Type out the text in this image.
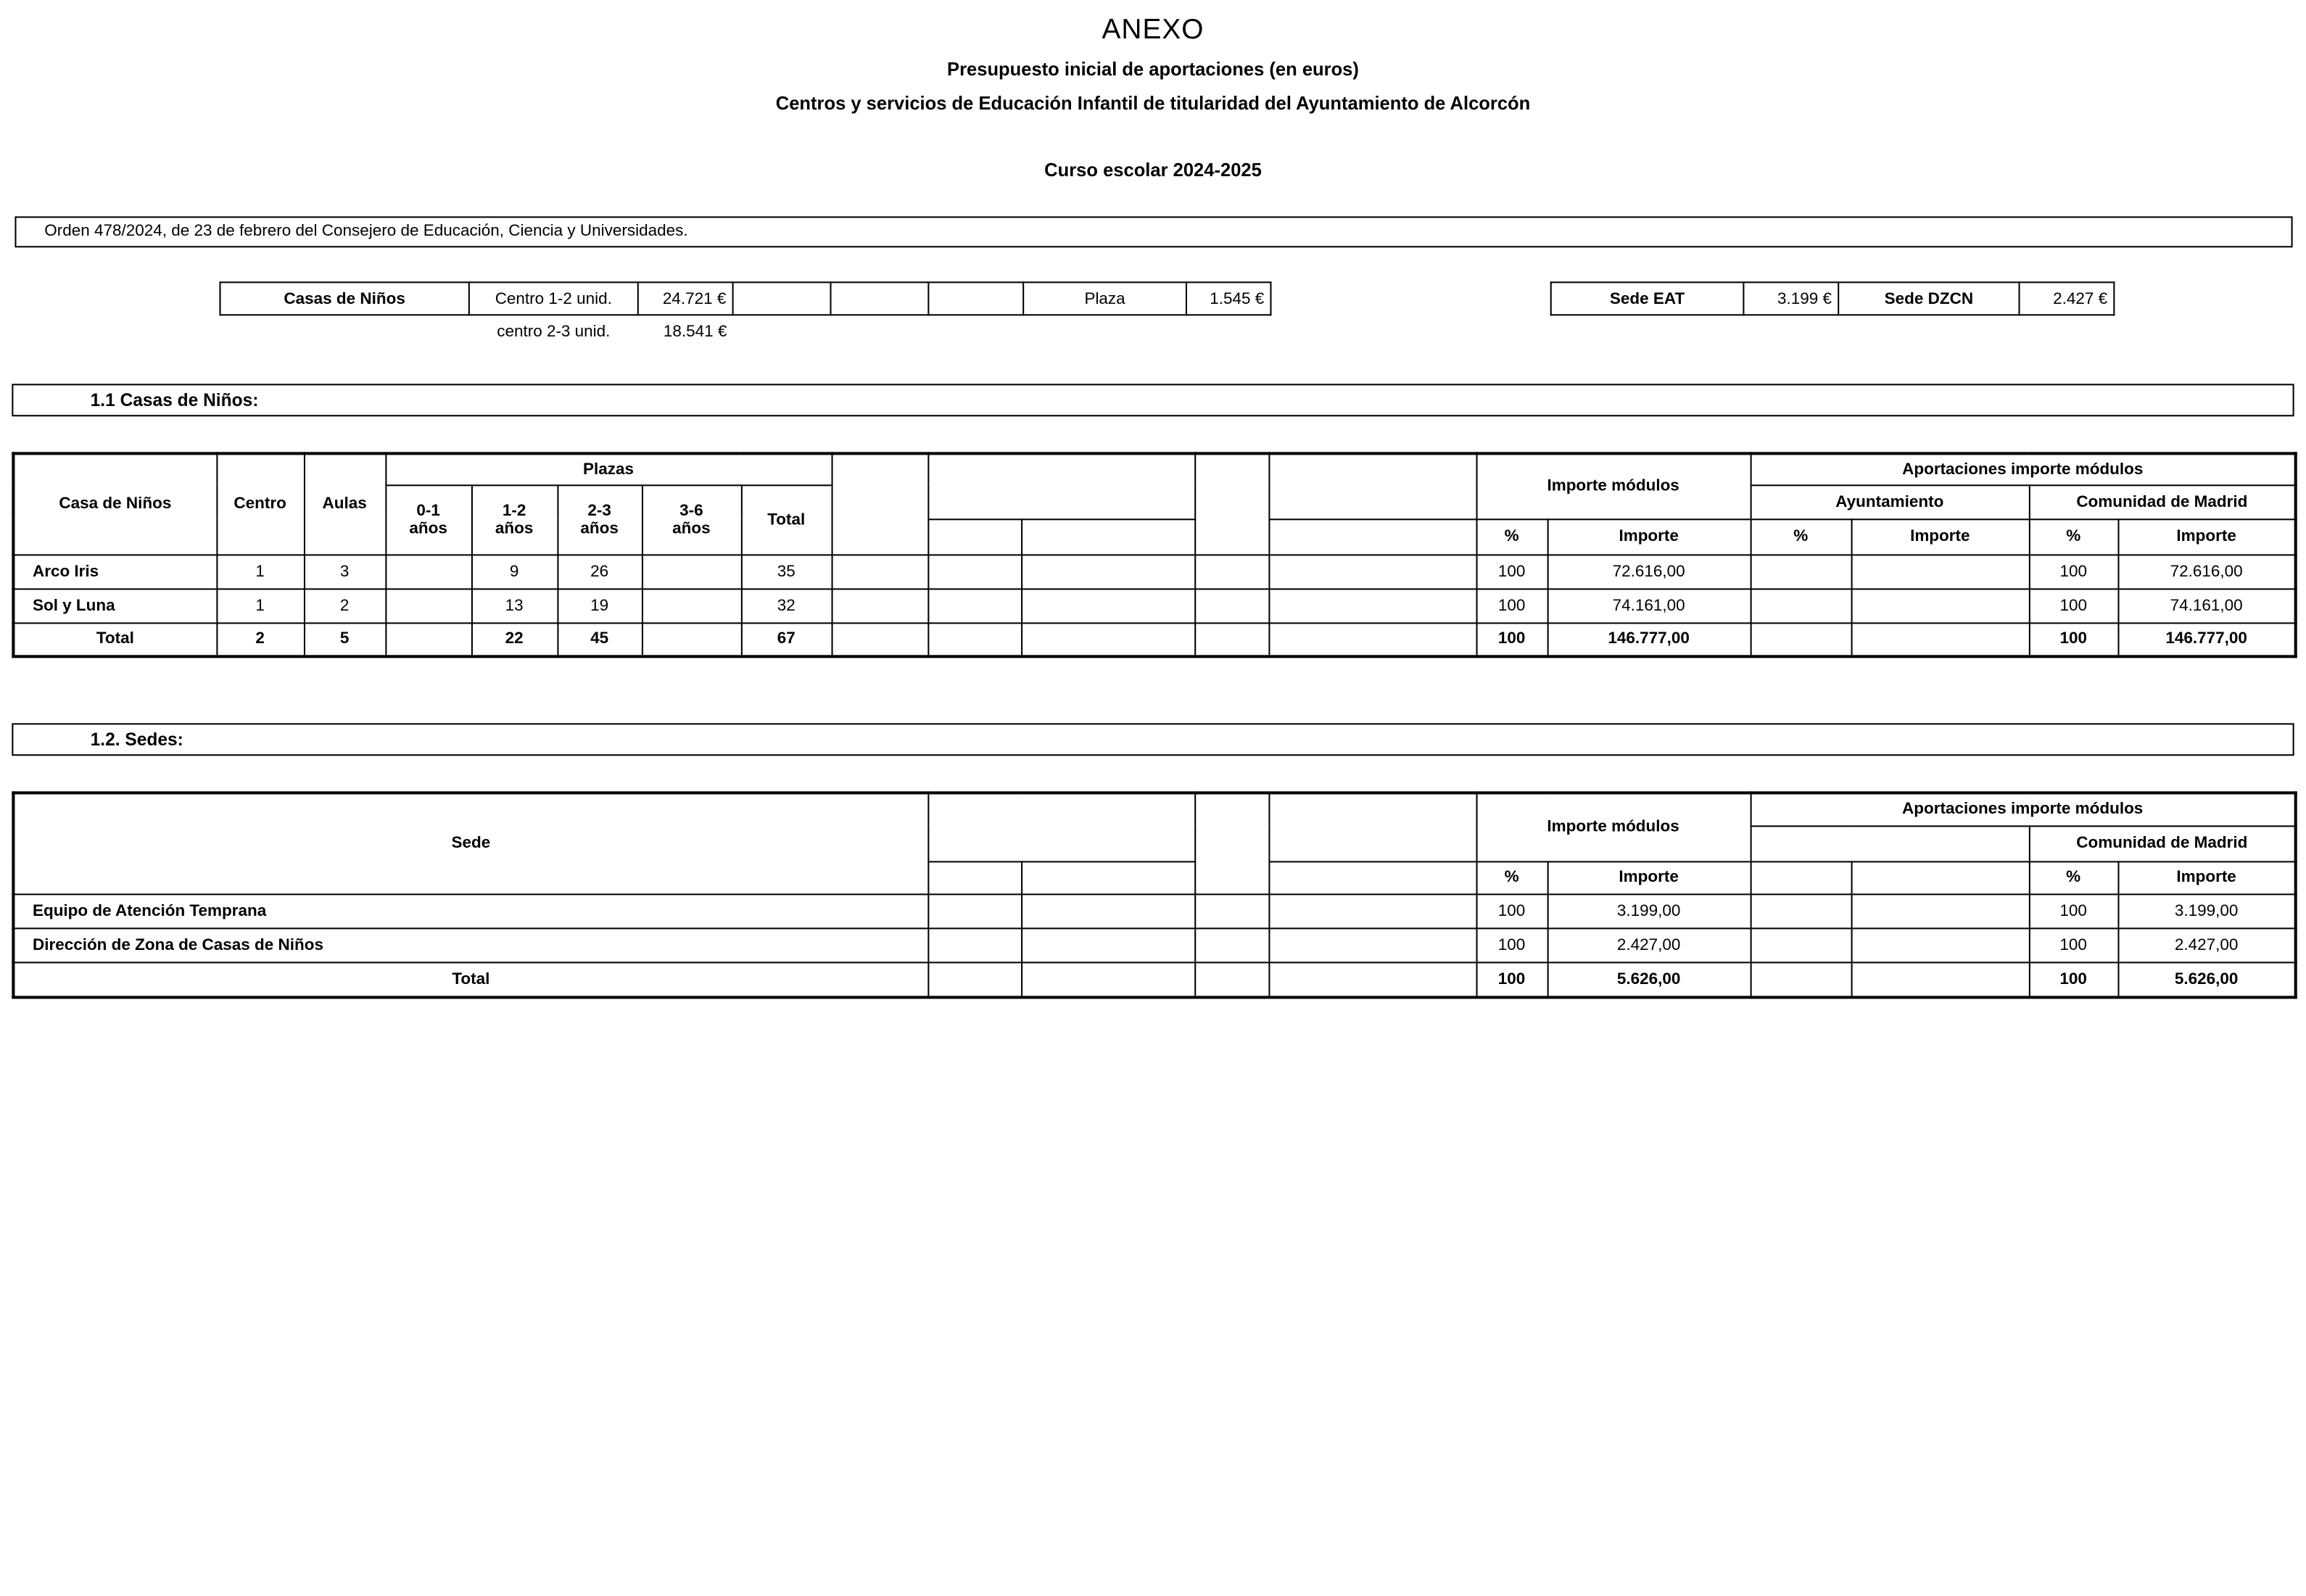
ANEXO
Presupuesto inicial de aportaciones (en euros)
Centros y servicios de Educación Infantil de titularidad del Ayuntamiento de Alcorcón
Curso escolar 2024-2025
Orden 478/2024, de 23 de febrero del Consejero de Educación, Ciencia y Universidades.
Casas de Niños	Centro 1-2 unid.	24.721 €				Plaza	1.545 €
	centro 2-3 unid.	18.541 €					
Sede EAT	3.199 €	Sede DZCN	2.427 €
1.1 Casas de Niños:
Casa de Niños	Centro	Aulas	Plazas										Importe módulos		Aportaciones importe módulos			
			0-1 años	1-2 años	2-3 años	3-6 años	Total								Ayuntamiento		Comunidad de Madrid	
													%	Importe	%	Importe	%	Importe
Arco Iris	1	3		9	26		35						100	72.616,00			100	72.616,00
Sol y Luna	1	2		13	19		32						100	74.161,00			100	74.161,00
Total	2	5		22	45		67						100	146.777,00			100	146.777,00
1.2. Sedes:
Sede					Importe módulos		Aportaciones importe módulos			
									Comunidad de Madrid	
					%	Importe			%	Importe
Equipo de Atención Temprana					100	3.199,00			100	3.199,00
Dirección de Zona de Casas de Niños					100	2.427,00			100	2.427,00
Total					100	5.626,00			100	5.626,00
